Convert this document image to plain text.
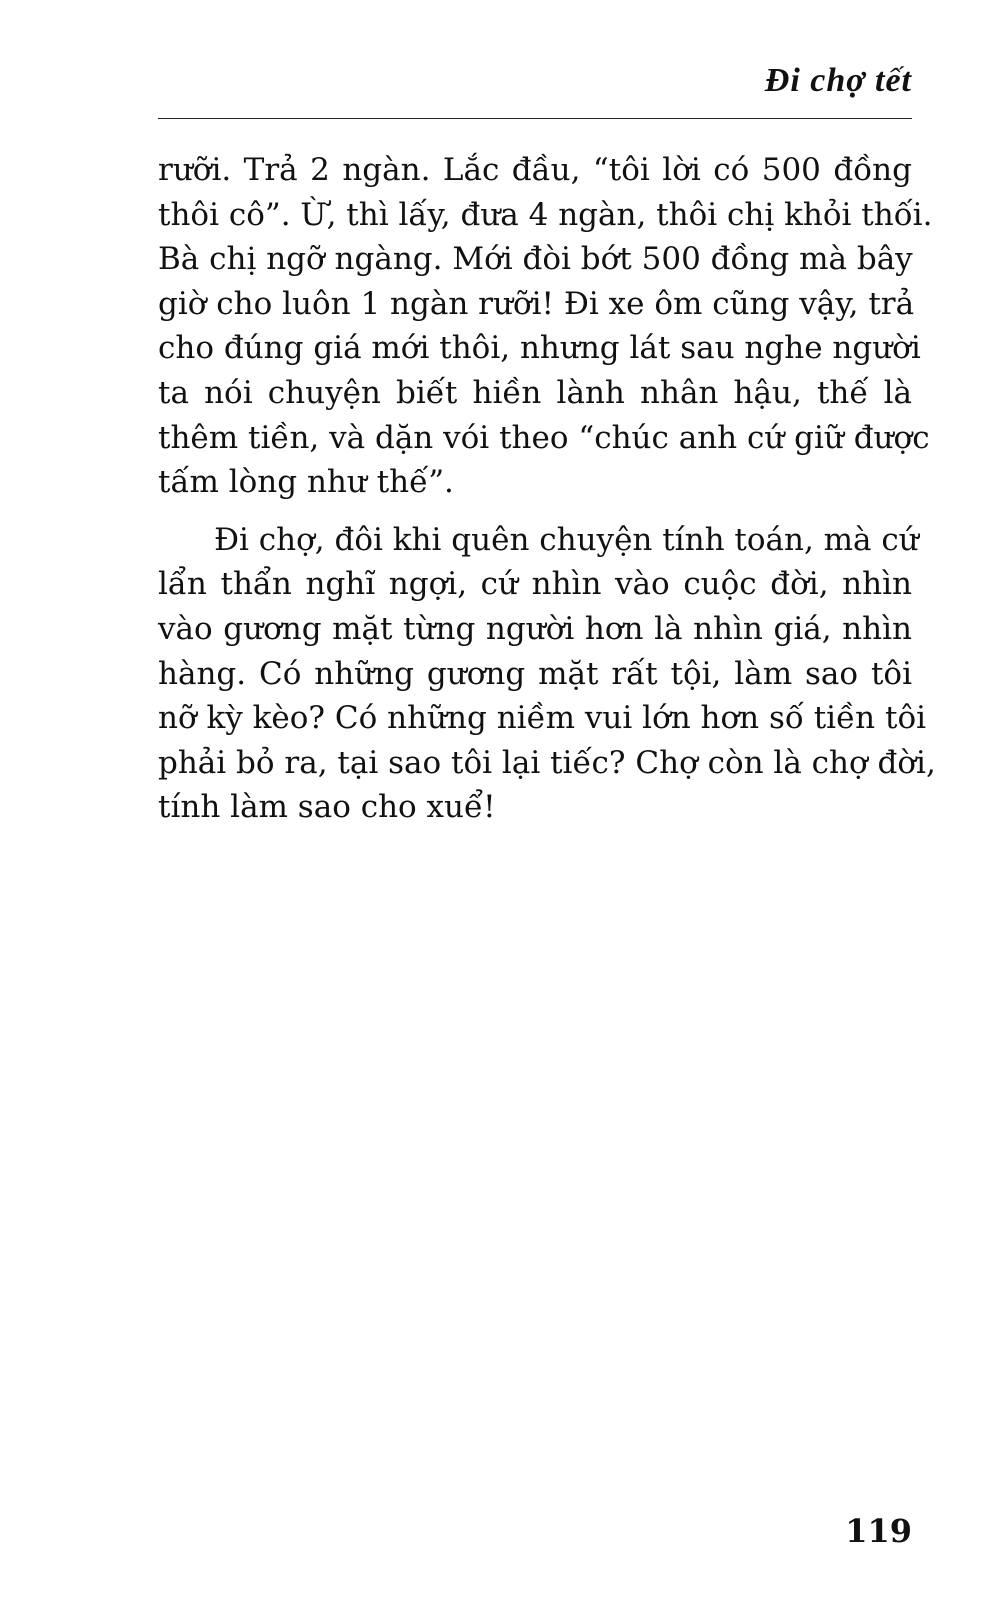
Đi chợ tết
rưỡi. Trả 2 ngàn. Lắc đầu, “tôi lời có 500 đồng
thôi cô”. Ừ, thì lấy, đưa 4 ngàn, thôi chị khỏi thối.
Bà chị ngỡ ngàng. Mới đòi bớt 500 đồng mà bây
giờ cho luôn 1 ngàn rưỡi! Đi xe ôm cũng vậy, trả
cho đúng giá mới thôi, nhưng lát sau nghe người
ta nói chuyện biết hiền lành nhân hậu, thế là
thêm tiền, và dặn vói theo “chúc anh cứ giữ được
tấm lòng như thế”.
Đi chợ, đôi khi quên chuyện tính toán, mà cứ
lẩn thẩn nghĩ ngợi, cứ nhìn vào cuộc đời, nhìn
vào gương mặt từng người hơn là nhìn giá, nhìn
hàng. Có những gương mặt rất tội, làm sao tôi
nỡ kỳ kèo? Có những niềm vui lớn hơn số tiền tôi
phải bỏ ra, tại sao tôi lại tiếc? Chợ còn là chợ đời,
tính làm sao cho xuể!
119
